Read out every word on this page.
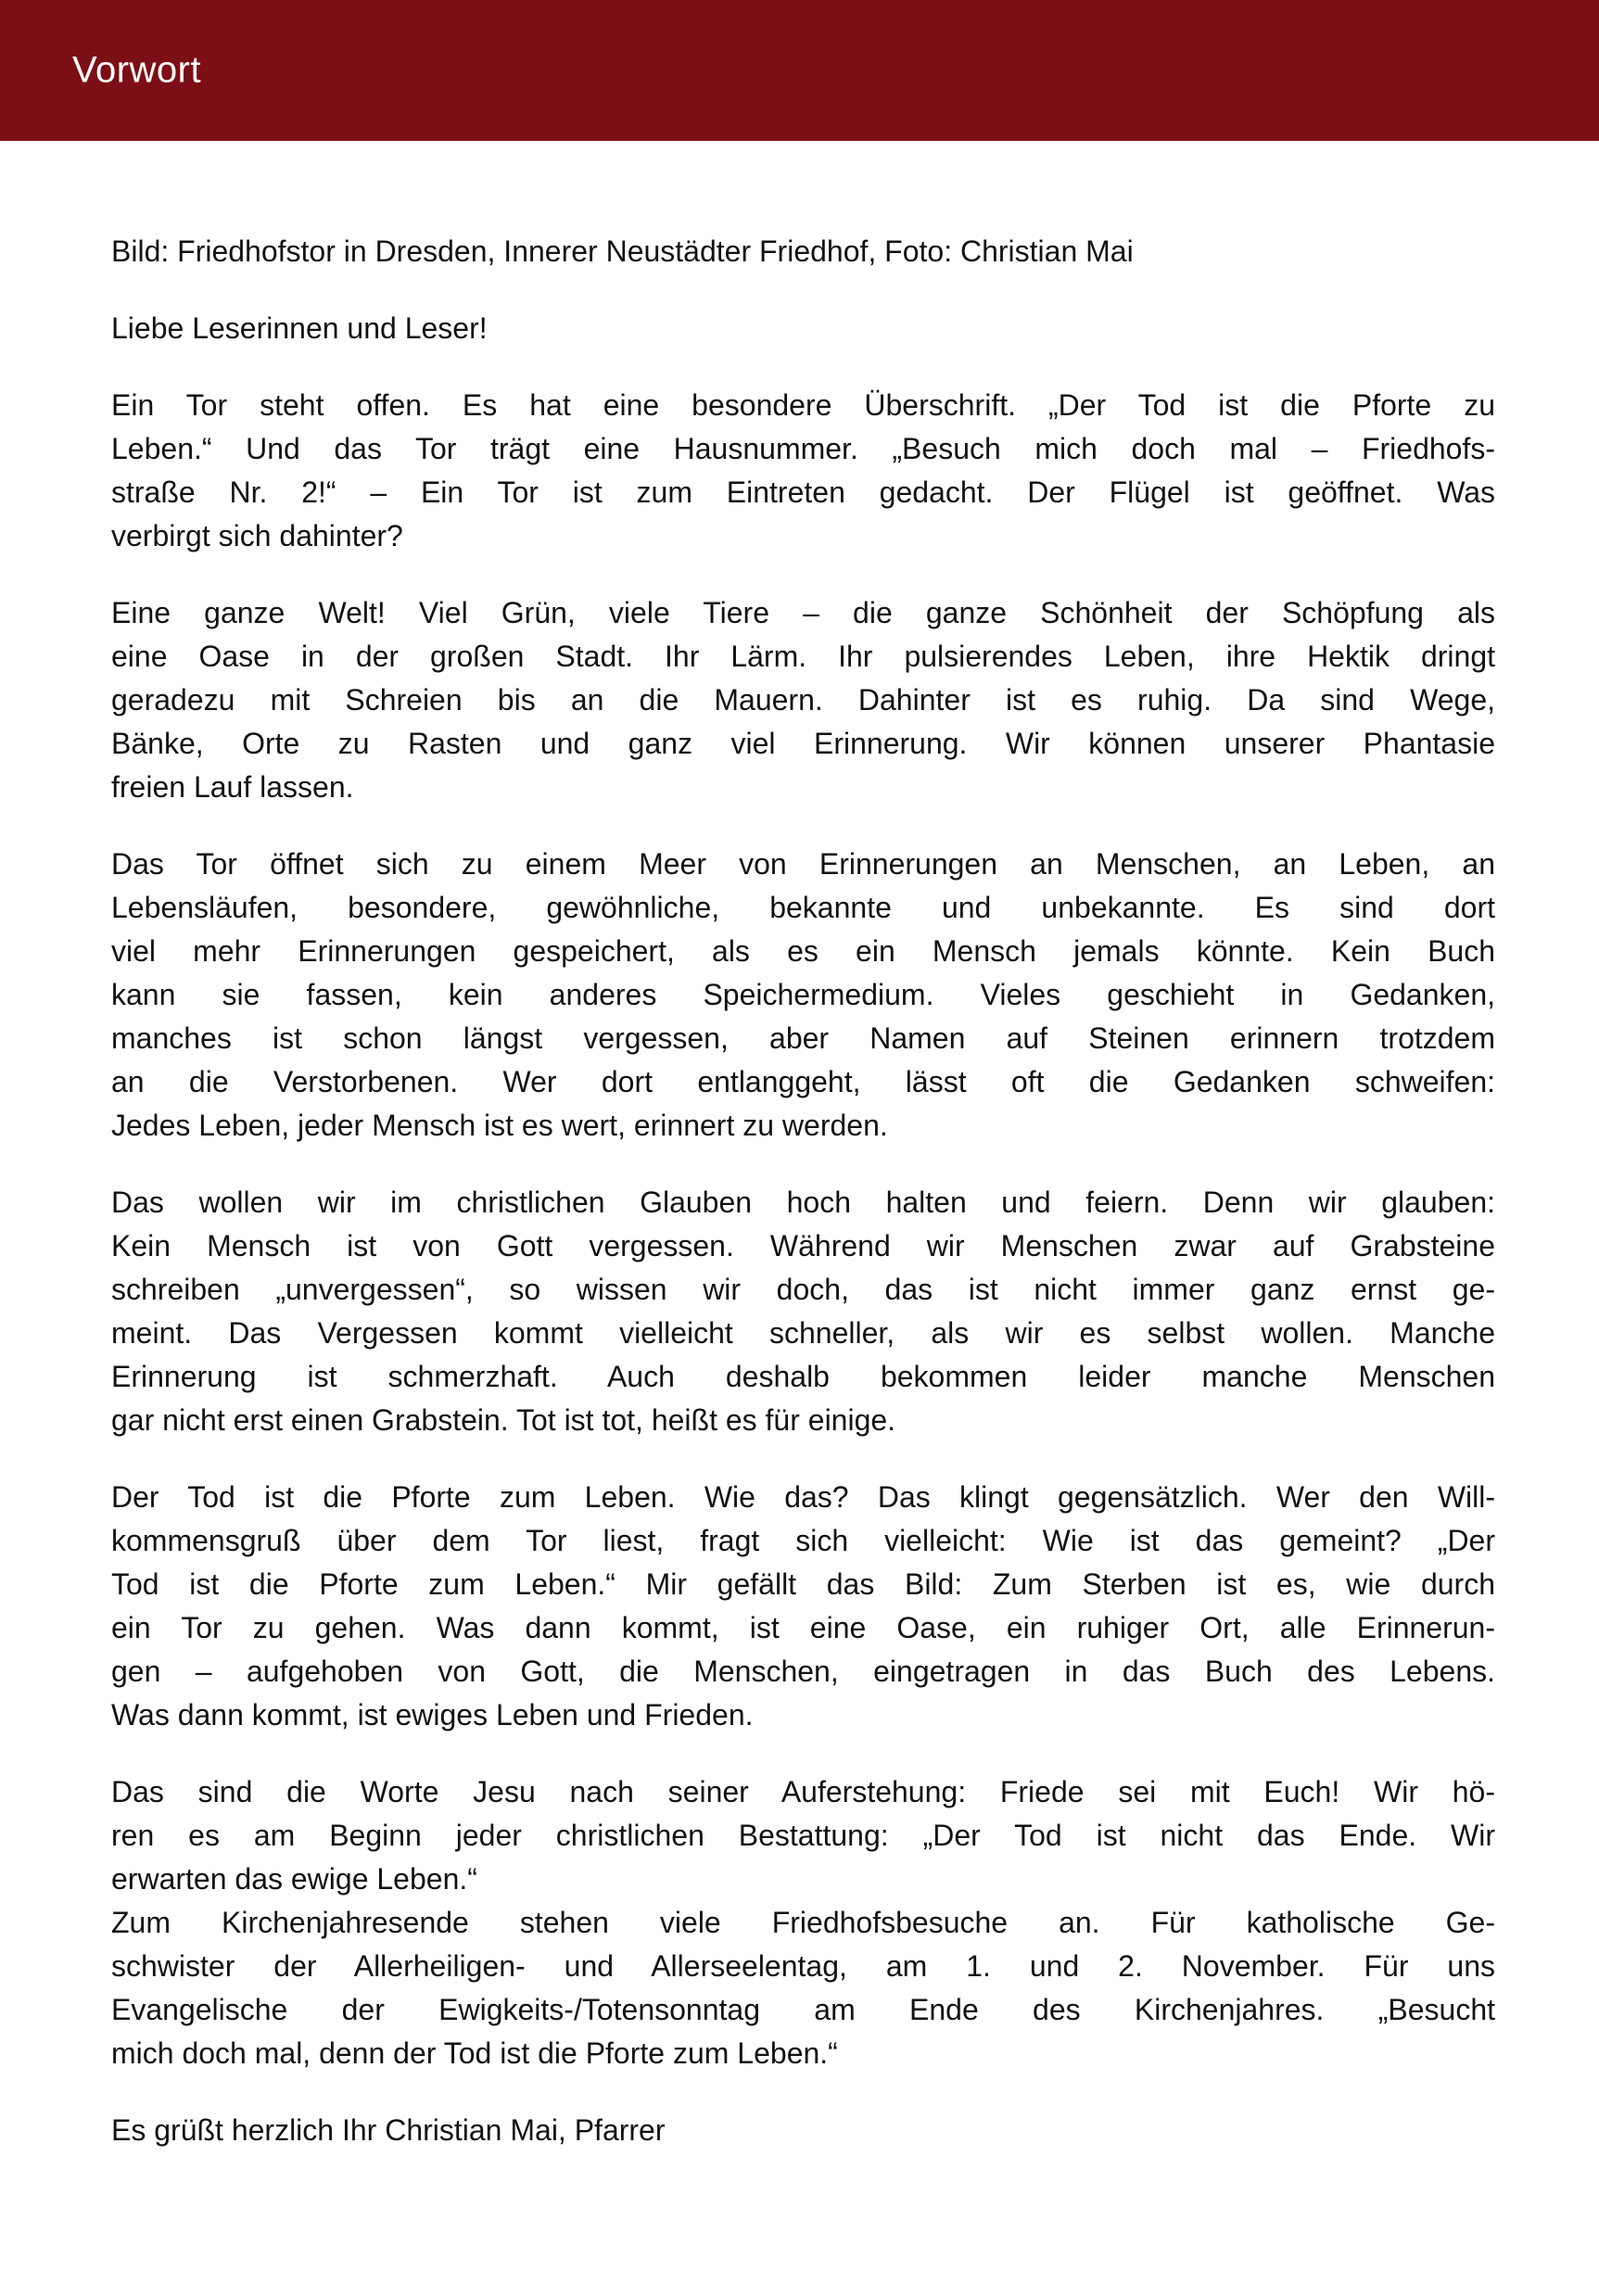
Vorwort
Bild: Friedhofstor in Dresden, Innerer Neustädter Friedhof, Foto: Christian Mai
Liebe Leserinnen und Leser!
Ein Tor steht offen. Es hat eine besondere Überschrift. „Der Tod ist die Pforte zu
Leben.“ Und das Tor trägt eine Hausnummer. „Besuch mich doch mal – Friedhofs-
straße Nr. 2!“ – Ein Tor ist zum Eintreten gedacht. Der Flügel ist geöffnet. Was
verbirgt sich dahinter?
Eine ganze Welt! Viel Grün, viele Tiere – die ganze Schönheit der Schöpfung als
eine Oase in der großen Stadt. Ihr Lärm. Ihr pulsierendes Leben, ihre Hektik dringt
geradezu mit Schreien bis an die Mauern. Dahinter ist es ruhig. Da sind Wege,
Bänke, Orte zu Rasten und ganz viel Erinnerung. Wir können unserer Phantasie
freien Lauf lassen.
Das Tor öffnet sich zu einem Meer von Erinnerungen an Menschen, an Leben, an
Lebensläufen, besondere, gewöhnliche, bekannte und unbekannte. Es sind dort
viel mehr Erinnerungen gespeichert, als es ein Mensch jemals könnte. Kein Buch
kann sie fassen, kein anderes Speichermedium. Vieles geschieht in Gedanken,
manches ist schon längst vergessen, aber Namen auf Steinen erinnern trotzdem
an die Verstorbenen. Wer dort entlanggeht, lässt oft die Gedanken schweifen:
Jedes Leben, jeder Mensch ist es wert, erinnert zu werden.
Das wollen wir im christlichen Glauben hoch halten und feiern. Denn wir glauben:
Kein Mensch ist von Gott vergessen. Während wir Menschen zwar auf Grabsteine
schreiben „unvergessen“, so wissen wir doch, das ist nicht immer ganz ernst ge-
meint. Das Vergessen kommt vielleicht schneller, als wir es selbst wollen. Manche
Erinnerung ist schmerzhaft. Auch deshalb bekommen leider manche Menschen
gar nicht erst einen Grabstein. Tot ist tot, heißt es für einige.
Der Tod ist die Pforte zum Leben. Wie das? Das klingt gegensätzlich. Wer den Will-
kommensgruß über dem Tor liest, fragt sich vielleicht: Wie ist das gemeint? „Der
Tod ist die Pforte zum Leben.“ Mir gefällt das Bild: Zum Sterben ist es, wie durch
ein Tor zu gehen. Was dann kommt, ist eine Oase, ein ruhiger Ort, alle Erinnerun-
gen – aufgehoben von Gott, die Menschen, eingetragen in das Buch des Lebens.
Was dann kommt, ist ewiges Leben und Frieden.
Das sind die Worte Jesu nach seiner Auferstehung: Friede sei mit Euch! Wir hö-
ren es am Beginn jeder christlichen Bestattung: „Der Tod ist nicht das Ende. Wir
erwarten das ewige Leben.“
Zum Kirchenjahresende stehen viele Friedhofsbesuche an. Für katholische Ge-
schwister der Allerheiligen- und Allerseelentag, am 1. und 2. November. Für uns
Evangelische der Ewigkeits-/Totensonntag am Ende des Kirchenjahres. „Besucht
mich doch mal, denn der Tod ist die Pforte zum Leben.“
Es grüßt herzlich Ihr Christian Mai, Pfarrer
